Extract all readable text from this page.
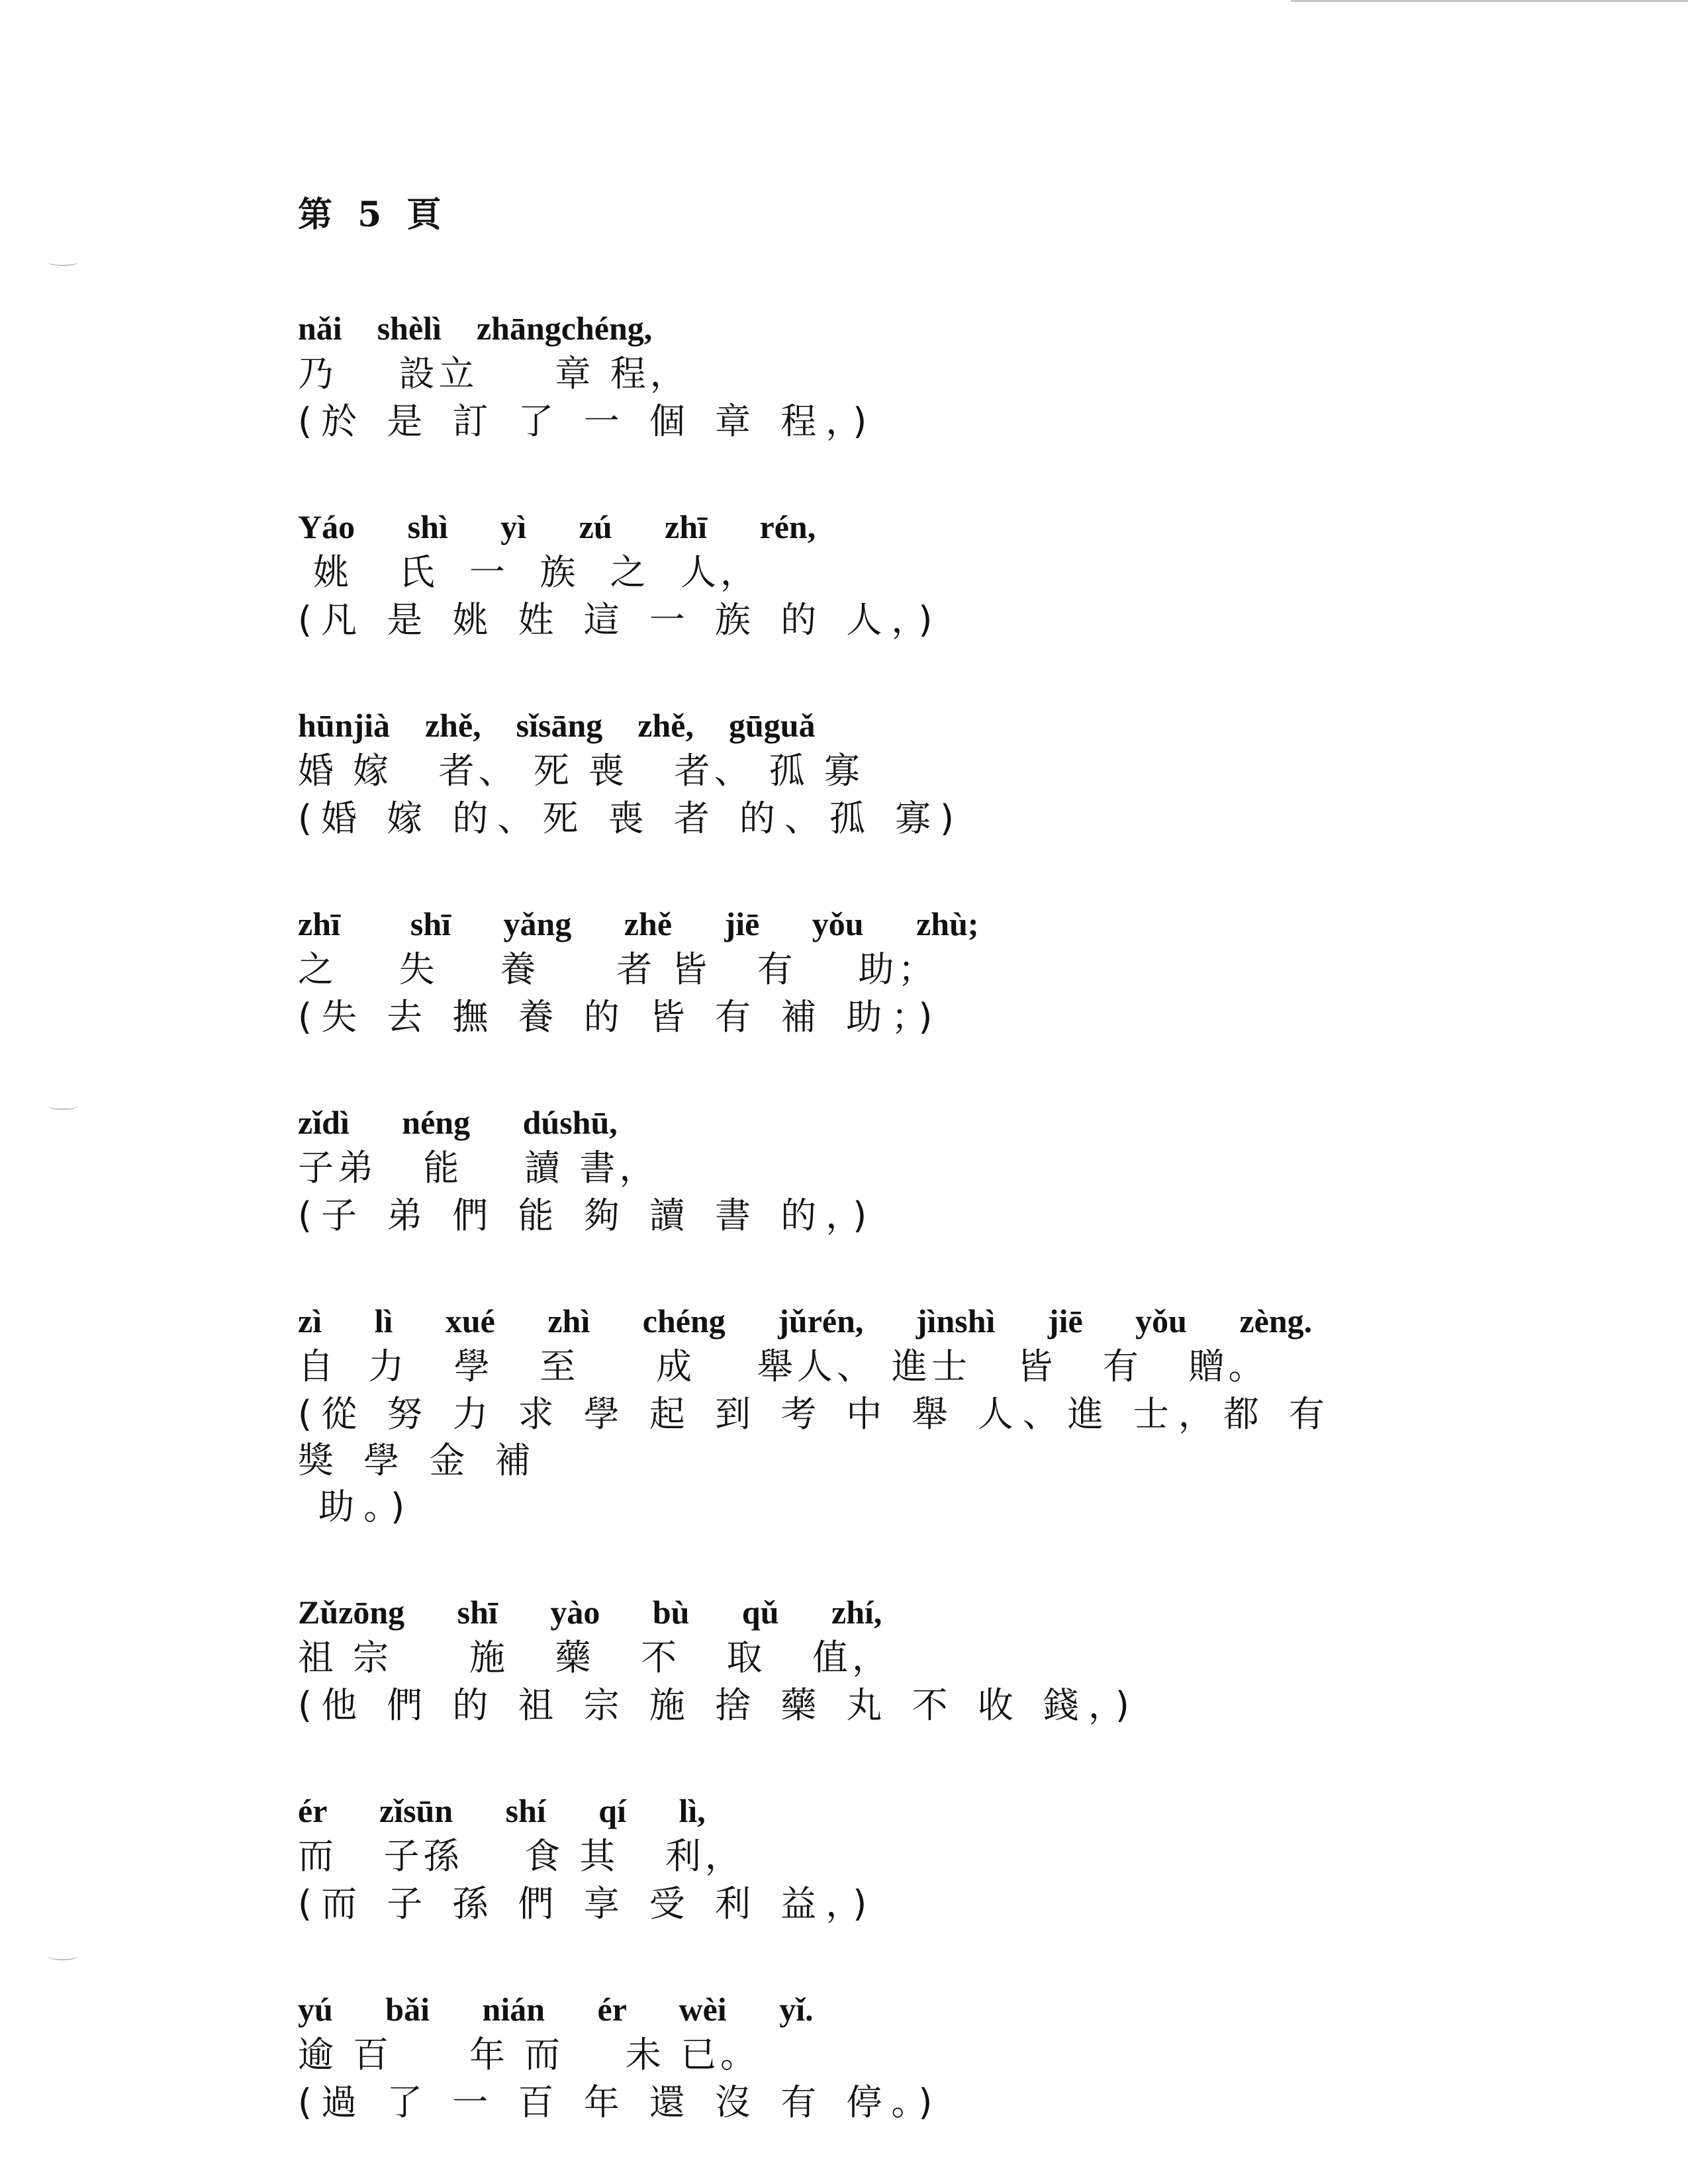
第 5 頁
nǎi  shèlì  zhāngchéng,
乃    設立     章 程，
(於 是 訂 了 一 個 章 程，)
Yáo   shì   yì   zú   zhī   rén,
姚   氏  一  族  之  人，
(凡 是 姚 姓 這 一 族 的 人，)
hūnjià  zhě,  sǐsāng  zhě,  gūguǎ
婚 嫁   者、 死 喪   者、 孤 寡
(婚 嫁 的、死 喪 者 的、孤 寡)
zhī    shī   yǎng   zhě   jiē   yǒu   zhù;
之    失    養     者 皆   有    助；
(失 去 撫 養 的 皆 有 補 助；)
zǐdì   néng   dúshū,
子弟   能    讀 書，
(子 弟 們 能 夠 讀 書 的，)
zì   lì   xué   zhì   chéng   jǔrén,   jìnshì   jiē   yǒu   zèng.
自  力   學   至     成    舉人、 進士   皆   有   贈。
(從 努 力 求 學 起 到 考 中 舉 人、進 士，都 有 獎 學 金 補
助。)
Zǔzōng   shī   yào   bù   qǔ   zhí,
祖 宗     施   藥   不   取   值，
(他 們 的 祖 宗 施 捨 藥 丸 不 收 錢，)
ér   zǐsūn   shí   qí   lì,
而   子孫    食 其   利，
(而 子 孫 們 享 受 利 益，)
yú   bǎi   nián   ér   wèi   yǐ.
逾 百     年 而    未 已。
(過 了 一 百 年 還 沒 有 停。)
